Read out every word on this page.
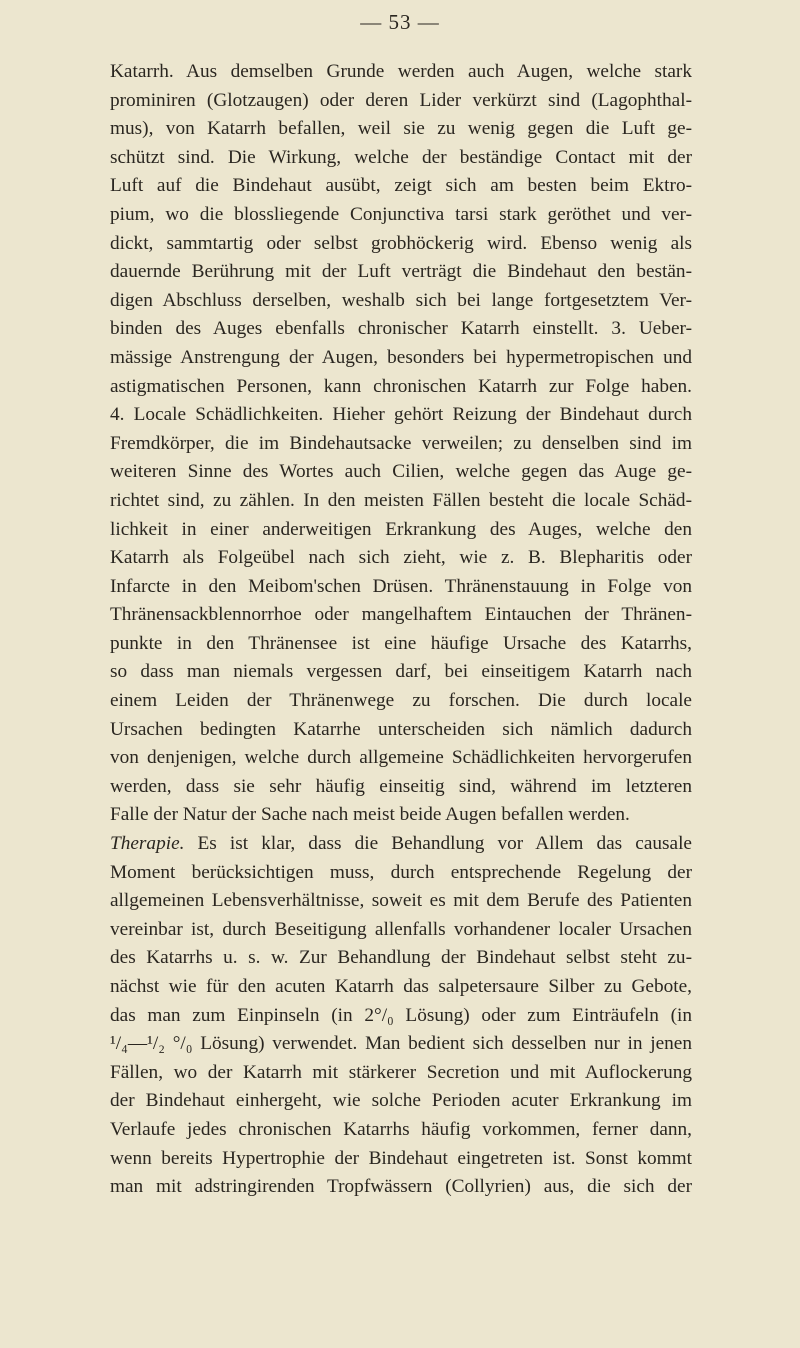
— 53 —
Katarrh. Aus demselben Grunde werden auch Augen, welche stark
prominiren (Glotzaugen) oder deren Lider verkürzt sind (Lagophthal-
mus), von Katarrh befallen, weil sie zu wenig gegen die Luft ge-
schützt sind. Die Wirkung, welche der beständige Contact mit der
Luft auf die Bindehaut ausübt, zeigt sich am besten beim Ektro-
pium, wo die blossliegende Conjunctiva tarsi stark geröthet und ver-
dickt, sammtartig oder selbst grobhöckerig wird. Ebenso wenig als
dauernde Berührung mit der Luft verträgt die Bindehaut den bestän-
digen Abschluss derselben, weshalb sich bei lange fortgesetztem Ver-
binden des Auges ebenfalls chronischer Katarrh einstellt. 3. Ueber-
mässige Anstrengung der Augen, besonders bei hypermetropischen und
astigmatischen Personen, kann chronischen Katarrh zur Folge haben.
4. Locale Schädlichkeiten. Hieher gehört Reizung der Bindehaut durch
Fremdkörper, die im Bindehautsacke verweilen; zu denselben sind im
weiteren Sinne des Wortes auch Cilien, welche gegen das Auge ge-
richtet sind, zu zählen. In den meisten Fällen besteht die locale Schäd-
lichkeit in einer anderweitigen Erkrankung des Auges, welche den
Katarrh als Folgeübel nach sich zieht, wie z. B. Blepharitis oder
Infarcte in den Meibom'schen Drüsen. Thränenstauung in Folge von
Thränensackblennorrhoe oder mangelhaftem Eintauchen der Thränen-
punkte in den Thränensee ist eine häufige Ursache des Katarrhs,
so dass man niemals vergessen darf, bei einseitigem Katarrh nach
einem Leiden der Thränenwege zu forschen. Die durch locale
Ursachen bedingten Katarrhe unterscheiden sich nämlich dadurch
von denjenigen, welche durch allgemeine Schädlichkeiten hervorgerufen
werden, dass sie sehr häufig einseitig sind, während im letzteren
Falle der Natur der Sache nach meist beide Augen befallen werden.
Therapie. Es ist klar, dass die Behandlung vor Allem das causale
Moment berücksichtigen muss, durch entsprechende Regelung der
allgemeinen Lebensverhältnisse, soweit es mit dem Berufe des Patienten
vereinbar ist, durch Beseitigung allenfalls vorhandener localer Ursachen
des Katarrhs u. s. w. Zur Behandlung der Bindehaut selbst steht zu-
nächst wie für den acuten Katarrh das salpetersaure Silber zu Gebote,
das man zum Einpinseln (in 2°/₀ Lösung) oder zum Einträufeln (in
¹/₄—¹/₂ °/₀ Lösung) verwendet. Man bedient sich desselben nur in jenen
Fällen, wo der Katarrh mit stärkerer Secretion und mit Auflockerung
der Bindehaut einhergeht, wie solche Perioden acuter Erkrankung im
Verlaufe jedes chronischen Katarrhs häufig vorkommen, ferner dann,
wenn bereits Hypertrophie der Bindehaut eingetreten ist. Sonst kommt
man mit adstringirenden Tropfwässern (Collyrien) aus, die sich der
